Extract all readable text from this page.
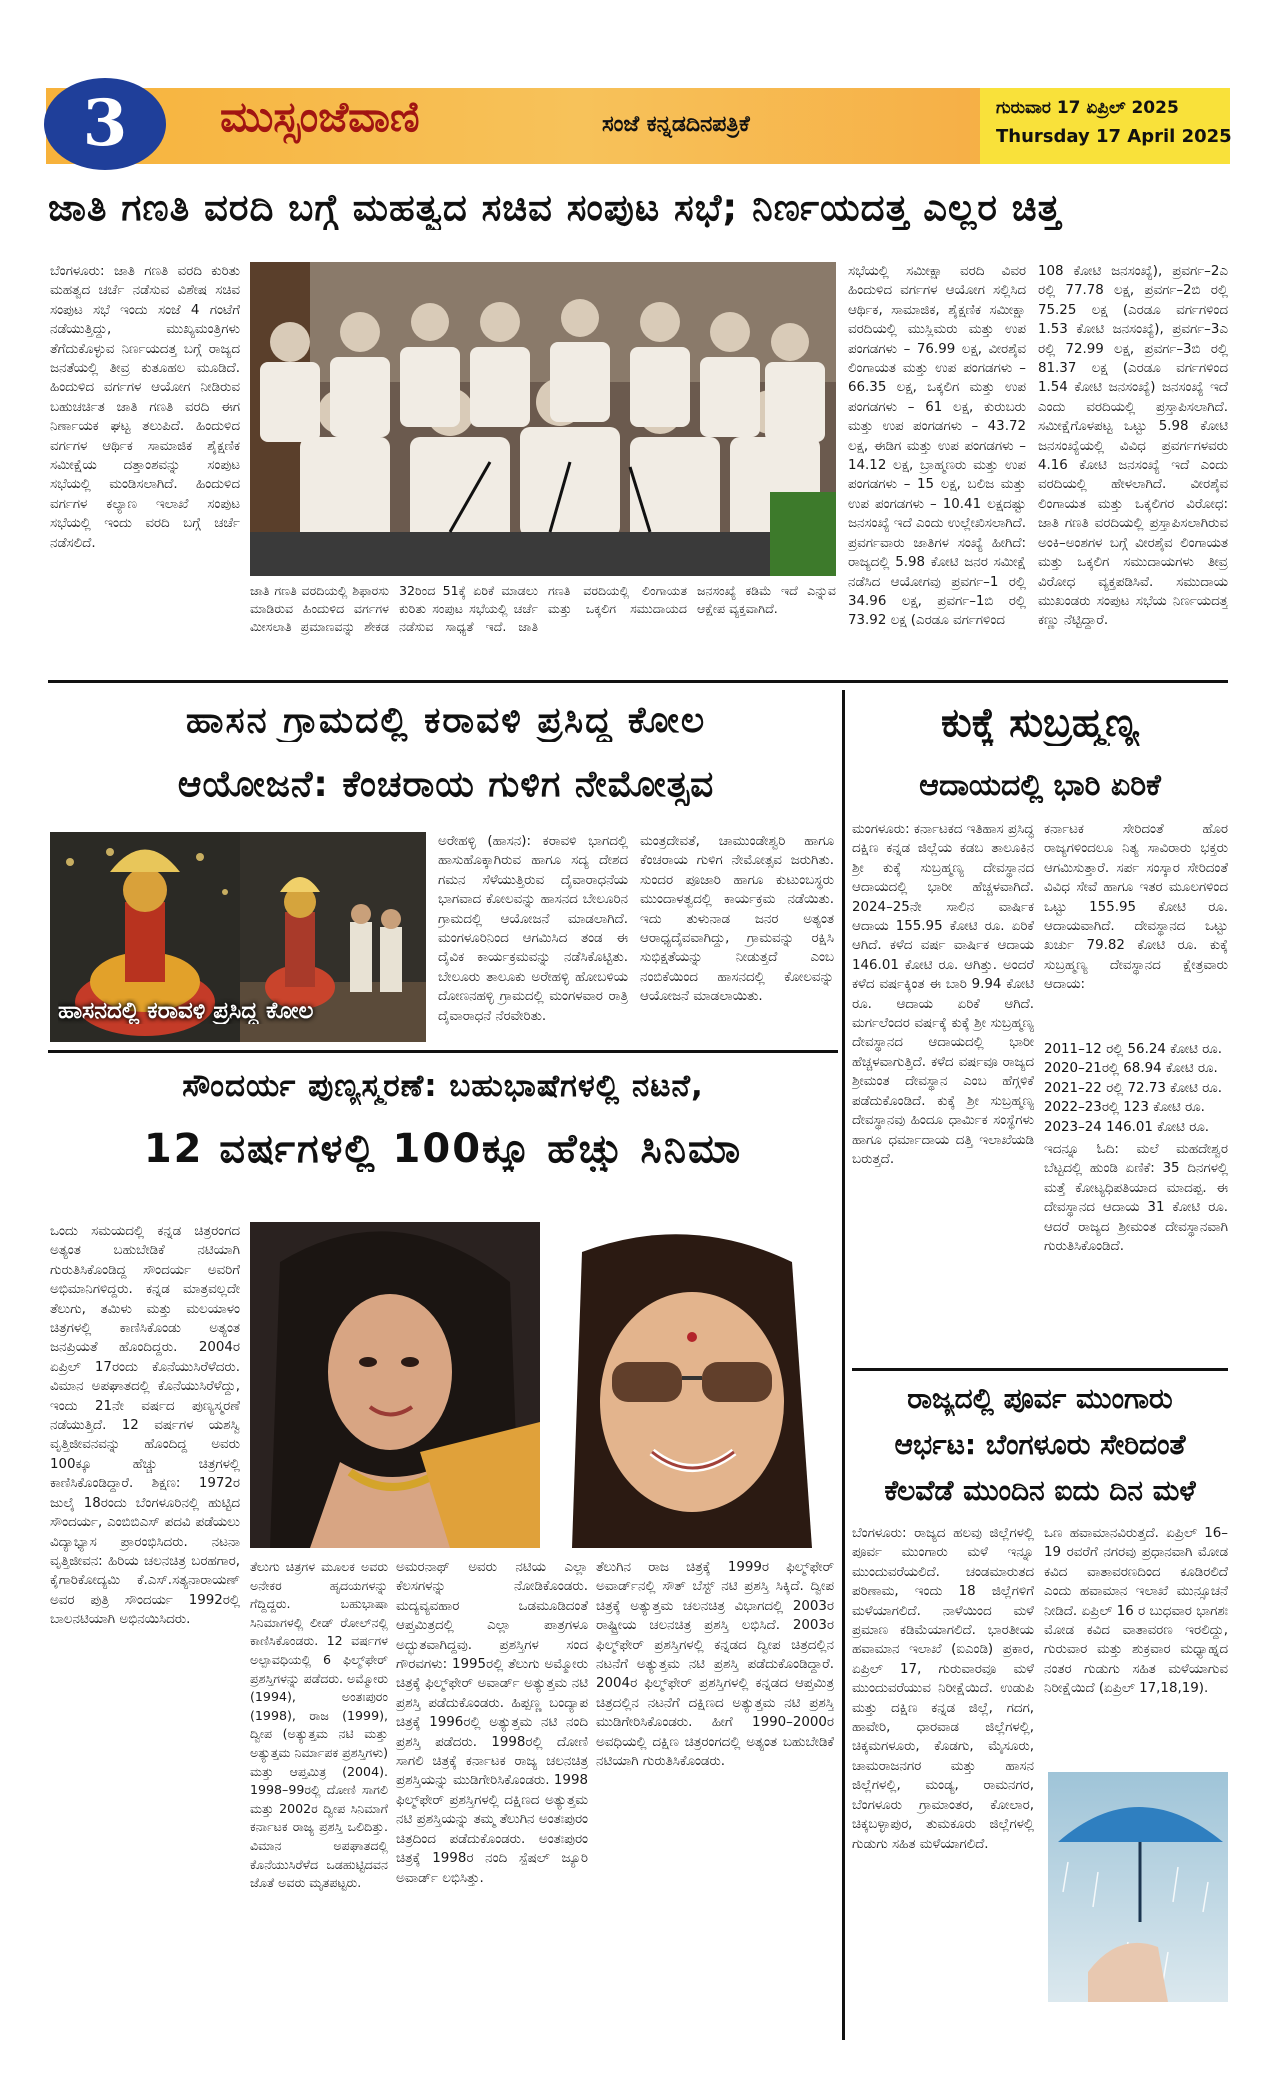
3	ಮುಸ್ಸಂಜೆವಾಣಿ	ಸಂಜೆ ಕನ್ನಡದಿನಪತ್ರಿಕೆ
ಗುರುವಾರ 17 ಏಪ್ರಿಲ್ 2025
Thursday 17 April 2025
ಜಾತಿ ಗಣತಿ ವರದಿ ಬಗ್ಗೆ ಮಹತ್ವದ ಸಚಿವ ಸಂಪುಟ ಸಭೆ; ನಿರ್ಣಯದತ್ತ ಎಲ್ಲರ ಚಿತ್ತ
ಬೆಂಗಳೂರು: ಜಾತಿ ಗಣತಿ ವರದಿ ಕುರಿತು ಮಹತ್ವದ ಚರ್ಚೆ ನಡೆಸುವ ವಿಶೇಷ ಸಚಿವ ಸಂಪುಟ ಸಭೆ ಇಂದು ಸಂಜೆ 4 ಗಂಟೆಗೆ ನಡೆಯುತ್ತಿದ್ದು, ಮುಖ್ಯಮಂತ್ರಿಗಳು ತೆಗೆದುಕೊಳ್ಳುವ ನಿರ್ಣಯದತ್ತ ಬಗ್ಗೆ ರಾಜ್ಯದ ಜನತೆಯಲ್ಲಿ ತೀವ್ರ ಕುತೂಹಲ ಮೂಡಿದೆ. ಹಿಂದುಳಿದ ವರ್ಗಗಳ ಆಯೋಗ ನೀಡಿರುವ ಬಹುಚರ್ಚಿತ ಜಾತಿ ಗಣತಿ ವರದಿ ಈಗ ನಿರ್ಣಾಯಕ ಘಟ್ಟ ತಲುಪಿದೆ. ಹಿಂದುಳಿದ ವರ್ಗಗಳ ಆರ್ಥಿಕ ಸಾಮಾಜಿಕ ಶೈಕ್ಷಣಿಕ ಸಮೀಕ್ಷೆಯ ದತ್ತಾಂಶವನ್ನು ಸಂಪುಟ ಸಭೆಯಲ್ಲಿ ಮಂಡಿಸಲಾಗಿದೆ. ಹಿಂದುಳಿದ ವರ್ಗಗಳ ಕಲ್ಯಾಣ ಇಲಾಖೆ ಸಂಪುಟ ಸಭೆಯಲ್ಲಿ ಇಂದು ವರದಿ ಬಗ್ಗೆ ಚರ್ಚೆ ನಡೆಸಲಿದೆ.
ಜಾತಿ ಗಣತಿ ವರದಿಯಲ್ಲಿ ಶಿಫಾರಸು ಮಾಡಿರುವ ಹಿಂದುಳಿದ ವರ್ಗಗಳ ಮೀಸಲಾತಿ ಪ್ರಮಾಣವನ್ನು ಶೇಕಡ 32ರಿಂದ 51ಕ್ಕೆ ಏರಿಕೆ ಮಾಡಲು ಕುರಿತು ಸಂಪುಟ ಸಭೆಯಲ್ಲಿ ಚರ್ಚೆ ನಡೆಸುವ ಸಾಧ್ಯತೆ ಇದೆ. ಜಾತಿ ಗಣತಿ ವರದಿಯಲ್ಲಿ ಲಿಂಗಾಯತ ಮತ್ತು ಒಕ್ಕಲಿಗ ಸಮುದಾಯದ ಜನಸಂಖ್ಯೆ ಕಡಿಮೆ ಇದೆ ಎನ್ನುವ ಆಕ್ಷೇಪ ವ್ಯಕ್ತವಾಗಿದೆ.
ಸಭೆಯಲ್ಲಿ ಸಮೀಕ್ಷಾ ವರದಿ ವಿವರ ಹಿಂದುಳಿದ ವರ್ಗಗಳ ಆಯೋಗ ಸಲ್ಲಿಸಿದ ಆರ್ಥಿಕ, ಸಾಮಾಜಿಕ, ಶೈಕ್ಷಣಿಕ ಸಮೀಕ್ಷಾ ವರದಿಯಲ್ಲಿ ಮುಸ್ಲಿಮರು ಮತ್ತು ಉಪ ಪಂಗಡಗಳು – 76.99 ಲಕ್ಷ, ವೀರಶೈವ ಲಿಂಗಾಯತ ಮತ್ತು ಉಪ ಪಂಗಡಗಳು – 66.35 ಲಕ್ಷ, ಒಕ್ಕಲಿಗ ಮತ್ತು ಉಪ ಪಂಗಡಗಳು – 61 ಲಕ್ಷ, ಕುರುಬರು ಮತ್ತು ಉಪ ಪಂಗಡಗಳು – 43.72 ಲಕ್ಷ, ಈಡಿಗ ಮತ್ತು ಉಪ ಪಂಗಡಗಳು – 14.12 ಲಕ್ಷ, ಬ್ರಾಹ್ಮಣರು ಮತ್ತು ಉಪ ಪಂಗಡಗಳು – 15 ಲಕ್ಷ, ಬಲಿಜ ಮತ್ತು ಉಪ ಪಂಗಡಗಳು – 10.41 ಲಕ್ಷದಷ್ಟು ಜನಸಂಖ್ಯೆ ಇದೆ ಎಂದು ಉಲ್ಲೇಖಿಸಲಾಗಿದೆ. ಪ್ರವರ್ಗವಾರು ಜಾತಿಗಳ ಸಂಖ್ಯೆ ಹೀಗಿದೆ: ರಾಜ್ಯದಲ್ಲಿ 5.98 ಕೋಟಿ ಜನರ ಸಮೀಕ್ಷೆ ನಡೆಸಿದ ಆಯೋಗವು ಪ್ರವರ್ಗ–1 ರಲ್ಲಿ 34.96 ಲಕ್ಷ, ಪ್ರವರ್ಗ–1ಬಿ ರಲ್ಲಿ 73.92 ಲಕ್ಷ (ಎರಡೂ ವರ್ಗಗಳಿಂದ
108 ಕೋಟಿ ಜನಸಂಖ್ಯೆ), ಪ್ರವರ್ಗ–2ಎ ರಲ್ಲಿ 77.78 ಲಕ್ಷ, ಪ್ರವರ್ಗ–2ಬಿ ರಲ್ಲಿ 75.25 ಲಕ್ಷ (ಎರಡೂ ವರ್ಗಗಳಿಂದ 1.53 ಕೋಟಿ ಜನಸಂಖ್ಯೆ), ಪ್ರವರ್ಗ–3ಎ ರಲ್ಲಿ 72.99 ಲಕ್ಷ, ಪ್ರವರ್ಗ–3ಬಿ ರಲ್ಲಿ 81.37 ಲಕ್ಷ (ಎರಡೂ ವರ್ಗಗಳಿಂದ 1.54 ಕೋಟಿ ಜನಸಂಖ್ಯೆ) ಜನಸಂಖ್ಯೆ ಇದೆ ಎಂದು ವರದಿಯಲ್ಲಿ ಪ್ರಸ್ತಾಪಿಸಲಾಗಿದೆ. ಸಮೀಕ್ಷೆಗೊಳಪಟ್ಟ ಒಟ್ಟು 5.98 ಕೋಟಿ ಜನಸಂಖ್ಯೆಯಲ್ಲಿ ವಿವಿಧ ಪ್ರವರ್ಗಗಳವರು 4.16 ಕೋಟಿ ಜನಸಂಖ್ಯೆ ಇದೆ ಎಂದು ವರದಿಯಲ್ಲಿ ಹೇಳಲಾಗಿದೆ. ವೀರಶೈವ ಲಿಂಗಾಯತ ಮತ್ತು ಒಕ್ಕಲಿಗರ ವಿರೋಧ: ಜಾತಿ ಗಣತಿ ವರದಿಯಲ್ಲಿ ಪ್ರಸ್ತಾಪಿಸಲಾಗಿರುವ ಅಂಕಿ–ಅಂಶಗಳ ಬಗ್ಗೆ ವೀರಶೈವ ಲಿಂಗಾಯತ ಮತ್ತು ಒಕ್ಕಲಿಗ ಸಮುದಾಯಗಳು ತೀವ್ರ ವಿರೋಧ ವ್ಯಕ್ತಪಡಿಸಿವೆ. ಸಮುದಾಯ ಮುಖಂಡರು ಸಂಪುಟ ಸಭೆಯ ನಿರ್ಣಯದತ್ತ ಕಣ್ಣು ನೆಟ್ಟಿದ್ದಾರೆ.
ಹಾಸನ ಗ್ರಾಮದಲ್ಲಿ ಕರಾವಳಿ ಪ್ರಸಿದ್ಧ ಕೋಲ
ಆಯೋಜನೆ: ಕೆಂಚರಾಯ ಗುಳಿಗ ನೇಮೋತ್ಸವ
ಹಾಸನದಲ್ಲಿ ಕರಾವಳಿ ಪ್ರಸಿದ್ಧ ಕೋಲ
ಅರೇಹಳ್ಳಿ (ಹಾಸನ): ಕರಾವಳಿ ಭಾಗದಲ್ಲಿ ಹಾಸುಹೊಕ್ಕಾಗಿರುವ ಹಾಗೂ ಸದ್ಯ ದೇಶದ ಗಮನ ಸೆಳೆಯುತ್ತಿರುವ ದೈವಾರಾಧನೆಯ ಭಾಗವಾದ ಕೋಲವನ್ನು ಹಾಸನದ ಬೇಲೂರಿನ ಗ್ರಾಮದಲ್ಲಿ ಆಯೋಜನೆ ಮಾಡಲಾಗಿದೆ. ಮಂಗಳೂರಿನಿಂದ ಆಗಮಿಸಿದ ತಂಡ ಈ ದೈವಿಕ ಕಾರ್ಯಕ್ರಮವನ್ನು ನಡೆಸಿಕೊಟ್ಟಿತು. ಬೇಲೂರು ತಾಲೂಕು ಅರೇಹಳ್ಳಿ ಹೋಬಳಿಯ ದೋಣನಹಳ್ಳಿ ಗ್ರಾಮದಲ್ಲಿ ಮಂಗಳವಾರ ರಾತ್ರಿ ದೈವಾರಾಧನೆ ನೆರವೇರಿತು.
ಮಂತ್ರದೇವತೆ, ಚಾಮುಂಡೇಶ್ವರಿ ಹಾಗೂ ಕೆಂಚರಾಯ ಗುಳಿಗ ನೇಮೋತ್ಸವ ಜರುಗಿತು. ಸುಂದರ ಪೂಜಾರಿ ಹಾಗೂ ಕುಟುಂಬಸ್ಥರು ಮುಂದಾಳತ್ವದಲ್ಲಿ ಕಾರ್ಯಕ್ರಮ ನಡೆಯಿತು. ಇದು ತುಳುನಾಡ ಜನರ ಅತ್ಯಂತ ಆರಾಧ್ಯದೈವವಾಗಿದ್ದು, ಗ್ರಾಮವನ್ನು ರಕ್ಷಿಸಿ ಸುಭಿಕ್ಷತೆಯನ್ನು ನೀಡುತ್ತದೆ ಎಂಬ ನಂಬಿಕೆಯಿಂದ ಹಾಸನದಲ್ಲಿ ಕೋಲವನ್ನು ಆಯೋಜನೆ ಮಾಡಲಾಯಿತು.
ಕುಕ್ಕೆ ಸುಬ್ರಹ್ಮಣ್ಯ
ಆದಾಯದಲ್ಲಿ ಭಾರಿ ಏರಿಕೆ
ಮಂಗಳೂರು: ಕರ್ನಾಟಕದ ಇತಿಹಾಸ ಪ್ರಸಿದ್ಧ ದಕ್ಷಿಣ ಕನ್ನಡ ಜಿಲ್ಲೆಯ ಕಡಬ ತಾಲೂಕಿನ ಶ್ರೀ ಕುಕ್ಕೆ ಸುಬ್ರಹ್ಮಣ್ಯ ದೇವಸ್ಥಾನದ ಆದಾಯದಲ್ಲಿ ಭಾರೀ ಹೆಚ್ಚಳವಾಗಿದೆ. 2024–25ನೇ ಸಾಲಿನ ವಾರ್ಷಿಕ ಆದಾಯ 155.95 ಕೋಟಿ ರೂ. ಏರಿಕೆ ಆಗಿದೆ. ಕಳೆದ ವರ್ಷ ವಾರ್ಷಿಕ ಆದಾಯ 146.01 ಕೋಟಿ ರೂ. ಆಗಿತ್ತು. ಅಂದರೆ ಕಳೆದ ವರ್ಷಕ್ಕಿಂತ ಈ ಬಾರಿ 9.94 ಕೋಟಿ ರೂ. ಆದಾಯ ಏರಿಕೆ ಆಗಿದೆ. ಮರ್ಗಲೆಂದರ ವರ್ಷಕ್ಕೆ ಕುಕ್ಕೆ ಶ್ರೀ ಸುಬ್ರಹ್ಮಣ್ಯ ದೇವಸ್ಥಾನದ ಆದಾಯದಲ್ಲಿ ಭಾರೀ ಹೆಚ್ಚಳವಾಗುತ್ತಿದೆ. ಕಳೆದ ವರ್ಷವೂ ರಾಜ್ಯದ ಶ್ರೀಮಂತ ದೇವಸ್ಥಾನ ಎಂಬ ಹೆಗ್ಗಳಿಕೆ ಪಡೆದುಕೊಂಡಿದೆ. ಕುಕ್ಕೆ ಶ್ರೀ ಸುಬ್ರಹ್ಮಣ್ಯ ದೇವಸ್ಥಾನವು ಹಿಂದೂ ಧಾರ್ಮಿಕ ಸಂಸ್ಥೆಗಳು ಹಾಗೂ ಧರ್ಮಾದಾಯ ದತ್ತಿ ಇಲಾಖೆಯಡಿ ಬರುತ್ತದೆ.
ಕರ್ನಾಟಕ ಸೇರಿದಂತೆ ಹೊರ ರಾಜ್ಯಗಳಿಂದಲೂ ನಿತ್ಯ ಸಾವಿರಾರು ಭಕ್ತರು ಆಗಮಿಸುತ್ತಾರೆ. ಸರ್ಪ ಸಂಸ್ಕಾರ ಸೇರಿದಂತೆ ವಿವಿಧ ಸೇವೆ ಹಾಗೂ ಇತರ ಮೂಲಗಳಿಂದ ಒಟ್ಟು 155.95 ಕೋಟಿ ರೂ. ಆದಾಯವಾಗಿದೆ. ದೇವಸ್ಥಾನದ ಒಟ್ಟು ಖರ್ಚು 79.82 ಕೋಟಿ ರೂ. ಕುಕ್ಕೆ ಸುಬ್ರಹ್ಮಣ್ಯ ದೇವಸ್ಥಾನದ ಕ್ಷೇತ್ರವಾರು ಆದಾಯ:
2011–12 ರಲ್ಲಿ 56.24 ಕೋಟಿ ರೂ.
2020–21ರಲ್ಲಿ 68.94 ಕೋಟಿ ರೂ.
2021–22 ರಲ್ಲಿ 72.73 ಕೋಟಿ ರೂ.
2022–23ರಲ್ಲಿ 123 ಕೋಟಿ ರೂ.
2023–24 146.01 ಕೋಟಿ ರೂ.
ಇದನ್ನೂ ಓದಿ: ಮಲೆ ಮಹದೇಶ್ವರ ಬೆಟ್ಟದಲ್ಲಿ ಹುಂಡಿ ಏಣಿಕೆ: 35 ದಿನಗಳಲ್ಲಿ ಮತ್ತೆ ಕೋಟ್ಯಧಿಪತಿಯಾದ ಮಾದಪ್ಪ. ಈ ದೇವಸ್ಥಾನದ ಆದಾಯ 31 ಕೋಟಿ ರೂ. ಆದರೆ ರಾಜ್ಯದ ಶ್ರೀಮಂತ ದೇವಸ್ಥಾನವಾಗಿ ಗುರುತಿಸಿಕೊಂಡಿದೆ.
ರಾಜ್ಯದಲ್ಲಿ ಪೂರ್ವ ಮುಂಗಾರು
ಆರ್ಭಟ: ಬೆಂಗಳೂರು ಸೇರಿದಂತೆ
ಕೆಲವೆಡೆ ಮುಂದಿನ ಐದು ದಿನ ಮಳೆ
ಬೆಂಗಳೂರು: ರಾಜ್ಯದ ಹಲವು ಜಿಲ್ಲೆಗಳಲ್ಲಿ ಪೂರ್ವ ಮುಂಗಾರು ಮಳೆ ಇನ್ನೂ ಮುಂದುವರೆಯಲಿದೆ. ಚಂಡಮಾರುತದ ಪರಿಣಾಮ, ಇಂದು 18 ಜಿಲ್ಲೆಗಳಿಗೆ ಮಳೆಯಾಗಲಿದೆ. ನಾಳೆಯಿಂದ ಮಳೆ ಪ್ರಮಾಣ ಕಡಿಮೆಯಾಗಲಿದೆ. ಭಾರತೀಯ ಹವಾಮಾನ ಇಲಾಖೆ (ಐಎಂಡಿ) ಪ್ರಕಾರ, ಏಪ್ರಿಲ್ 17, ಗುರುವಾರವೂ ಮಳೆ ಮುಂದುವರೆಯುವ ನಿರೀಕ್ಷೆಯಿದೆ. ಉಡುಪಿ ಮತ್ತು ದಕ್ಷಿಣ ಕನ್ನಡ ಜಿಲ್ಲೆ, ಗದಗ, ಹಾವೇರಿ, ಧಾರವಾಡ ಜಿಲ್ಲೆಗಳಲ್ಲಿ, ಚಿಕ್ಕಮಗಳೂರು, ಕೊಡಗು, ಮೈಸೂರು, ಚಾಮರಾಜನಗರ ಮತ್ತು ಹಾಸನ ಜಿಲ್ಲೆಗಳಲ್ಲಿ, ಮಂಡ್ಯ, ರಾಮನಗರ, ಬೆಂಗಳೂರು ಗ್ರಾಮಾಂತರ, ಕೋಲಾರ, ಚಿಕ್ಕಬಳ್ಳಾಪುರ, ತುಮಕೂರು ಜಿಲ್ಲೆಗಳಲ್ಲಿ ಗುಡುಗು ಸಹಿತ ಮಳೆಯಾಗಲಿದೆ.
ಒಣ ಹವಾಮಾನವಿರುತ್ತದೆ. ಏಪ್ರಿಲ್ 16–19 ರವರೆಗೆ ನಗರವು ಪ್ರಧಾನವಾಗಿ ಮೋಡ ಕವಿದ ವಾತಾವರಣದಿಂದ ಕೂಡಿರಲಿದೆ ಎಂದು ಹವಾಮಾನ ಇಲಾಖೆ ಮುನ್ಸೂಚನೆ ನೀಡಿದೆ. ಏಪ್ರಿಲ್ 16 ರ ಬುಧವಾರ ಭಾಗಶಃ ಮೋಡ ಕವಿದ ವಾತಾವರಣ ಇರಲಿದ್ದು, ಗುರುವಾರ ಮತ್ತು ಶುಕ್ರವಾರ ಮಧ್ಯಾಹ್ನದ ನಂತರ ಗುಡುಗು ಸಹಿತ ಮಳೆಯಾಗುವ ನಿರೀಕ್ಷೆಯಿದೆ (ಏಪ್ರಿಲ್ 17,18,19).
ಸೌಂದರ್ಯ ಪುಣ್ಯಸ್ಮರಣೆ: ಬಹುಭಾಷೆಗಳಲ್ಲಿ ನಟನೆ,
12 ವರ್ಷಗಳಲ್ಲಿ 100ಕ್ಕೂ ಹೆಚ್ಚು ಸಿನಿಮಾ
ಒಂದು ಸಮಯದಲ್ಲಿ ಕನ್ನಡ ಚಿತ್ರರಂಗದ ಅತ್ಯಂತ ಬಹುಬೇಡಿಕೆ ನಟಿಯಾಗಿ ಗುರುತಿಸಿಕೊಂಡಿದ್ದ ಸೌಂದರ್ಯ ಅವರಿಗೆ ಅಭಿಮಾನಿಗಳಿದ್ದರು. ಕನ್ನಡ ಮಾತ್ರವಲ್ಲದೇ ತೆಲುಗು, ತಮಿಳು ಮತ್ತು ಮಲಯಾಳಂ ಚಿತ್ರಗಳಲ್ಲಿ ಕಾಣಿಸಿಕೊಂಡು ಅತ್ಯಂತ ಜನಪ್ರಿಯತೆ ಹೊಂದಿದ್ದರು. 2004ರ ಏಪ್ರಿಲ್ 17ರಂದು ಕೊನೆಯುಸಿರೆಳೆದರು. ವಿಮಾನ ಅಪಘಾತದಲ್ಲಿ ಕೊನೆಯುಸಿರೆಳೆದ್ದು, ಇಂದು 21ನೇ ವರ್ಷದ ಪುಣ್ಯಸ್ಮರಣೆ ನಡೆಯುತ್ತಿದೆ. 12 ವರ್ಷಗಳ ಯಶಸ್ವಿ ವೃತ್ತಿಜೀವನವನ್ನು ಹೊಂದಿದ್ದ ಅವರು 100ಕ್ಕೂ ಹೆಚ್ಚು ಚಿತ್ರಗಳಲ್ಲಿ ಕಾಣಿಸಿಕೊಂಡಿದ್ದಾರೆ. ಶಿಕ್ಷಣ: 1972ರ ಜುಲೈ 18ರಂದು ಬೆಂಗಳೂರಿನಲ್ಲಿ ಹುಟ್ಟಿದ ಸೌಂದರ್ಯ, ಎಂಬಿಬಿಎಸ್ ಪದವಿ ಪಡೆಯಲು ವಿದ್ಯಾಭ್ಯಾಸ ಪ್ರಾರಂಭಿಸಿದರು. ನಟನಾ ವೃತ್ತಿಜೀವನ: ಹಿರಿಯ ಚಲನಚಿತ್ರ ಬರಹಗಾರ, ಕೈಗಾರಿಕೋದ್ಯಮಿ ಕೆ.ಎಸ್.ಸತ್ಯನಾರಾಯಣ್ ಅವರ ಪುತ್ರಿ ಸೌಂದರ್ಯ 1992ರಲ್ಲಿ ಬಾಲನಟಿಯಾಗಿ ಅಭಿನಯಿಸಿದರು.
ತೆಲುಗು ಚಿತ್ರಗಳ ಮೂಲಕ ಅವರು ಅನೇಕರ ಹೃದಯಗಳನ್ನು ಗೆದ್ದಿದ್ದರು. ಬಹುಭಾಷಾ ಸಿನಿಮಾಗಳಲ್ಲಿ ಲೀಡ್ ರೋಲ್‌ನಲ್ಲಿ ಕಾಣಿಸಿಕೊಂಡರು. 12 ವರ್ಷಗಳ ಅಲ್ಪಾವಧಿಯಲ್ಲಿ 6 ಫಿಲ್ಮ್‌ಫೇರ್ ಪ್ರಶಸ್ತಿಗಳನ್ನು ಪಡೆದರು. ಅಮ್ಮೋರು (1994), ಅಂತಃಪುರಂ (1998), ರಾಜ (1999), ದ್ವೀಪ (ಅತ್ಯುತ್ತಮ ನಟಿ ಮತ್ತು ಅತ್ಯುತ್ತಮ ನಿರ್ಮಾಪಕ ಪ್ರಶಸ್ತಿಗಳು) ಮತ್ತು ಆಪ್ತಮಿತ್ರ (2004). 1998–99ರಲ್ಲಿ ದೋಣಿ ಸಾಗಲಿ ಮತ್ತು 2002ರ ದ್ವೀಪ ಸಿನಿಮಾಗೆ ಕರ್ನಾಟಕ ರಾಜ್ಯ ಪ್ರಶಸ್ತಿ ಒಲಿದಿತ್ತು. ವಿಮಾನ ಅಪಘಾತದಲ್ಲಿ ಕೊನೆಯುಸಿರೆಳೆದ ಒಡಹುಟ್ಟಿದವನ ಜೊತೆ ಅವರು ಮೃತಪಟ್ಟರು.
ಅಮರನಾಥ್ ಅವರು ನಟಿಯ ಎಲ್ಲಾ ಕೆಲಸಗಳನ್ನು ನೋಡಿಕೊಂಡರು. ಮದ್ಯವ್ಯವಹಾರ ಒಡಮೂಡಿದಂತೆ ಆಪ್ತಮಿತ್ರದಲ್ಲಿ ಎಲ್ಲಾ ಪಾತ್ರಗಳೂ ಅದ್ಭುತವಾಗಿದ್ದವು. ಪ್ರಶಸ್ತಿಗಳ ಸಂದ ಗೌರವಗಳು: 1995ರಲ್ಲಿ ತೆಲುಗು ಅಮ್ಮೋರು ಚಿತ್ರಕ್ಕೆ ಫಿಲ್ಮ್‌ಫೇರ್ ಅವಾರ್ಡ್ ಅತ್ಯುತ್ತಮ ನಟಿ ಪ್ರಶಸ್ತಿ ಪಡೆದುಕೊಂಡರು. ಹಿಪ್ಪಣ್ಣ ಬಂದ್ಯಾಪ ಚಿತ್ರಕ್ಕೆ 1996ರಲ್ಲಿ ಅತ್ಯುತ್ತಮ ನಟಿ ನಂದಿ ಪ್ರಶಸ್ತಿ ಪಡೆದರು. 1998ರಲ್ಲಿ ದೋಣಿ ಸಾಗಲಿ ಚಿತ್ರಕ್ಕೆ ಕರ್ನಾಟಕ ರಾಜ್ಯ ಚಲನಚಿತ್ರ ಪ್ರಶಸ್ತಿಯನ್ನು ಮುಡಿಗೇರಿಸಿಕೊಂಡರು. 1998 ಫಿಲ್ಮ್‌ಫೇರ್ ಪ್ರಶಸ್ತಿಗಳಲ್ಲಿ ದಕ್ಷಿಣದ ಅತ್ಯುತ್ತಮ ನಟಿ ಪ್ರಶಸ್ತಿಯನ್ನು ತಮ್ಮ ತೆಲುಗಿನ ಅಂತಃಪುರಂ ಚಿತ್ರದಿಂದ ಪಡೆದುಕೊಂಡರು. ಅಂತಃಪುರಂ ಚಿತ್ರಕ್ಕೆ 1998ರ ನಂದಿ ಸ್ಪೆಷಲ್ ಜ್ಯೂರಿ ಅವಾರ್ಡ್ ಲಭಿಸಿತ್ತು.
ತೆಲುಗಿನ ರಾಜ ಚಿತ್ರಕ್ಕೆ 1999ರ ಫಿಲ್ಮ್‌ಫೇರ್ ಅವಾರ್ಡ್‌ನಲ್ಲಿ ಸೌತ್ ಬೆಸ್ಟ್ ನಟಿ ಪ್ರಶಸ್ತಿ ಸಿಕ್ಕಿದೆ. ದ್ವೀಪ ಚಿತ್ರಕ್ಕೆ ಅತ್ಯುತ್ತಮ ಚಲನಚಿತ್ರ ವಿಭಾಗದಲ್ಲಿ 2003ರ ರಾಷ್ಟ್ರೀಯ ಚಲನಚಿತ್ರ ಪ್ರಶಸ್ತಿ ಲಭಿಸಿದೆ. 2003ರ ಫಿಲ್ಮ್‌ಫೇರ್ ಪ್ರಶಸ್ತಿಗಳಲ್ಲಿ ಕನ್ನಡದ ದ್ವೀಪ ಚಿತ್ರದಲ್ಲಿನ ನಟನೆಗೆ ಅತ್ಯುತ್ತಮ ನಟಿ ಪ್ರಶಸ್ತಿ ಪಡೆದುಕೊಂಡಿದ್ದಾರೆ. 2004ರ ಫಿಲ್ಮ್‌ಫೇರ್ ಪ್ರಶಸ್ತಿಗಳಲ್ಲಿ ಕನ್ನಡದ ಆಪ್ತಮಿತ್ರ ಚಿತ್ರದಲ್ಲಿನ ನಟನೆಗೆ ದಕ್ಷಿಣದ ಅತ್ಯುತ್ತಮ ನಟಿ ಪ್ರಶಸ್ತಿ ಮುಡಿಗೇರಿಸಿಕೊಂಡರು. ಹೀಗೆ 1990–2000ರ ಅವಧಿಯಲ್ಲಿ ದಕ್ಷಿಣ ಚಿತ್ರರಂಗದಲ್ಲಿ ಅತ್ಯಂತ ಬಹುಬೇಡಿಕೆ ನಟಿಯಾಗಿ ಗುರುತಿಸಿಕೊಂಡರು.
